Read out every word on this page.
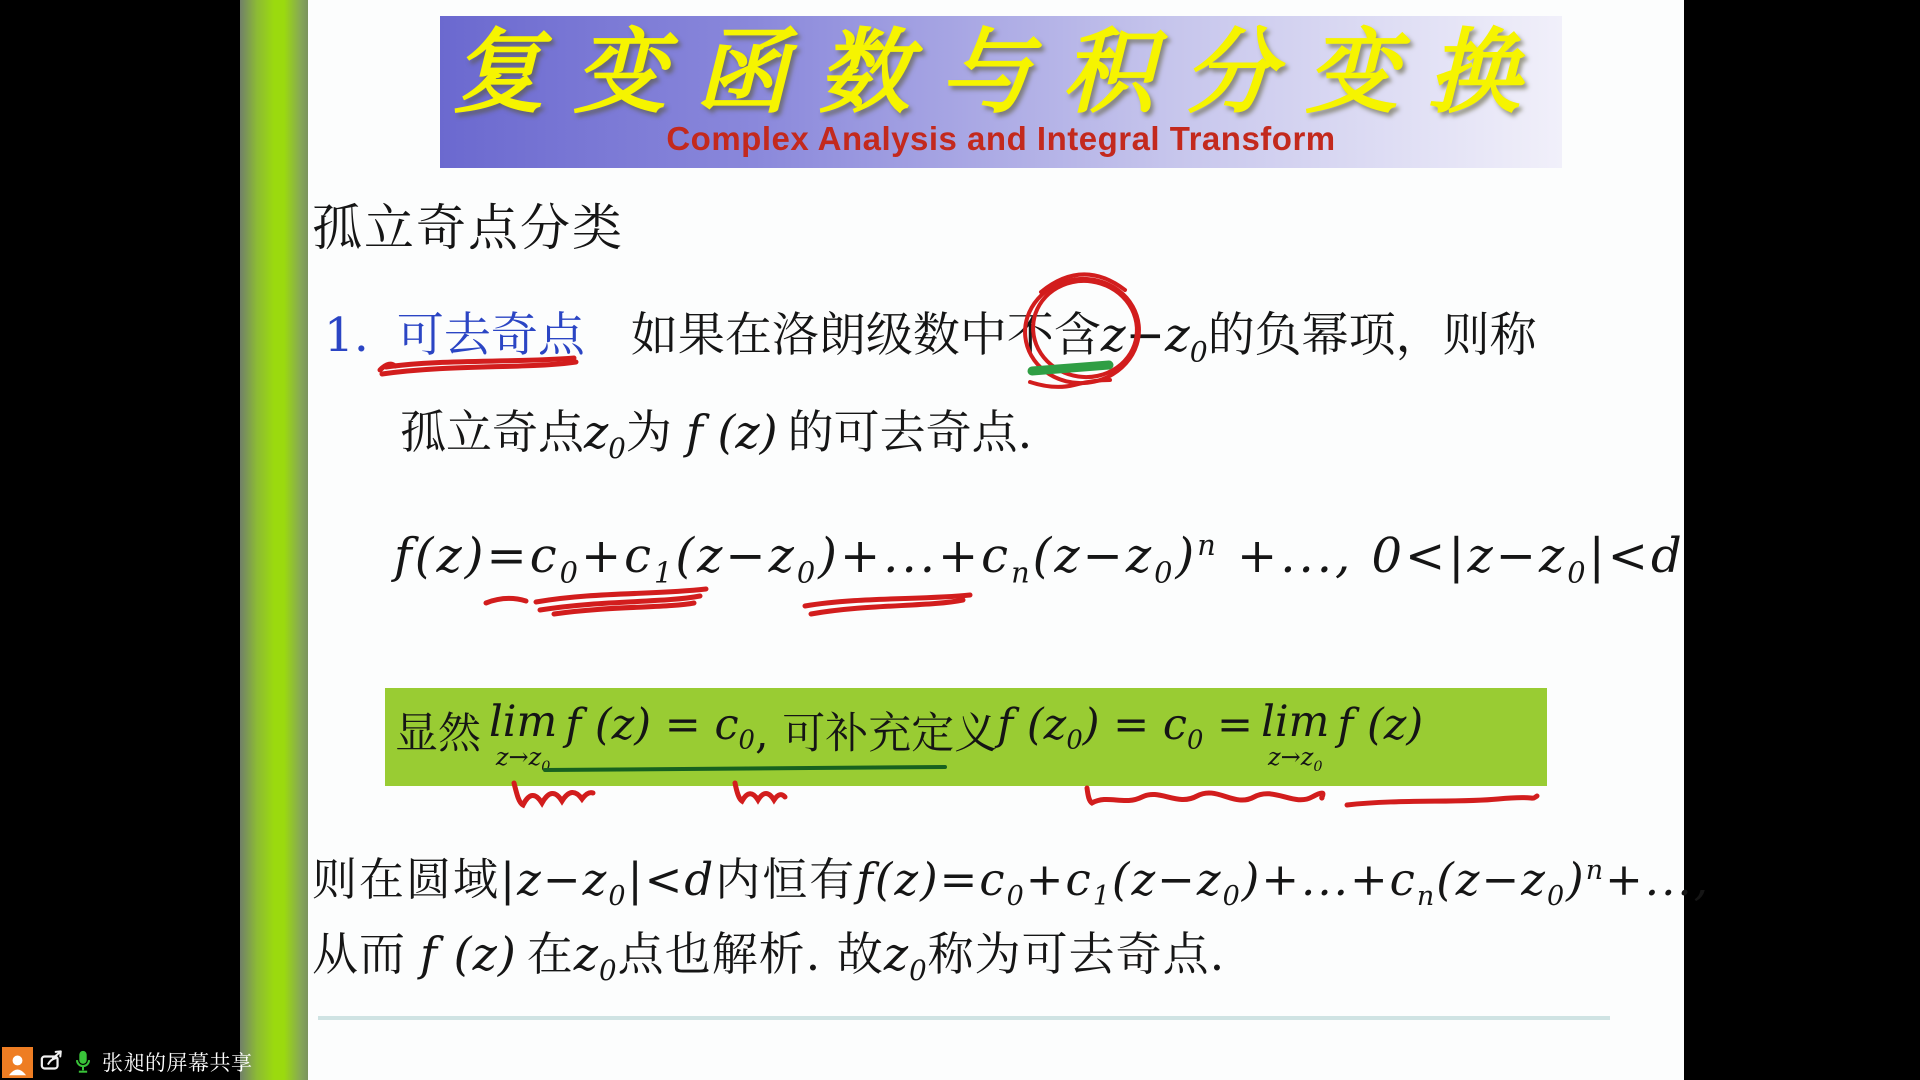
复变函数与积分变换
Complex Analysis and Integral Transform
孤立奇点分类
1. 可去奇点 如果在洛朗级数中不含$z-z_0$的负幂项，则称
孤立奇点$z_0$为 f (z) 的可去奇点.
$f(z)=c_0+c_1(z-z_0)+...+c_n(z-z_0)^n$ +..., $0<|z-z_0|<d$
显然 lim
$z\to z_0$
f $(z) = c_0$ , 可补充定义 f $(z_0) = c_0 = \lim$
$z\to z_0$
f (z)
则在圆域$|z-z_0|<d$内恒有$f(z)=c_0+c_1(z-z_0)+...+c_n(z-z_0)^n+$...,
从而 f (z) 在$z_0$点也解析. 故$z_0$称为可去奇点.
张昶的屏幕共享
